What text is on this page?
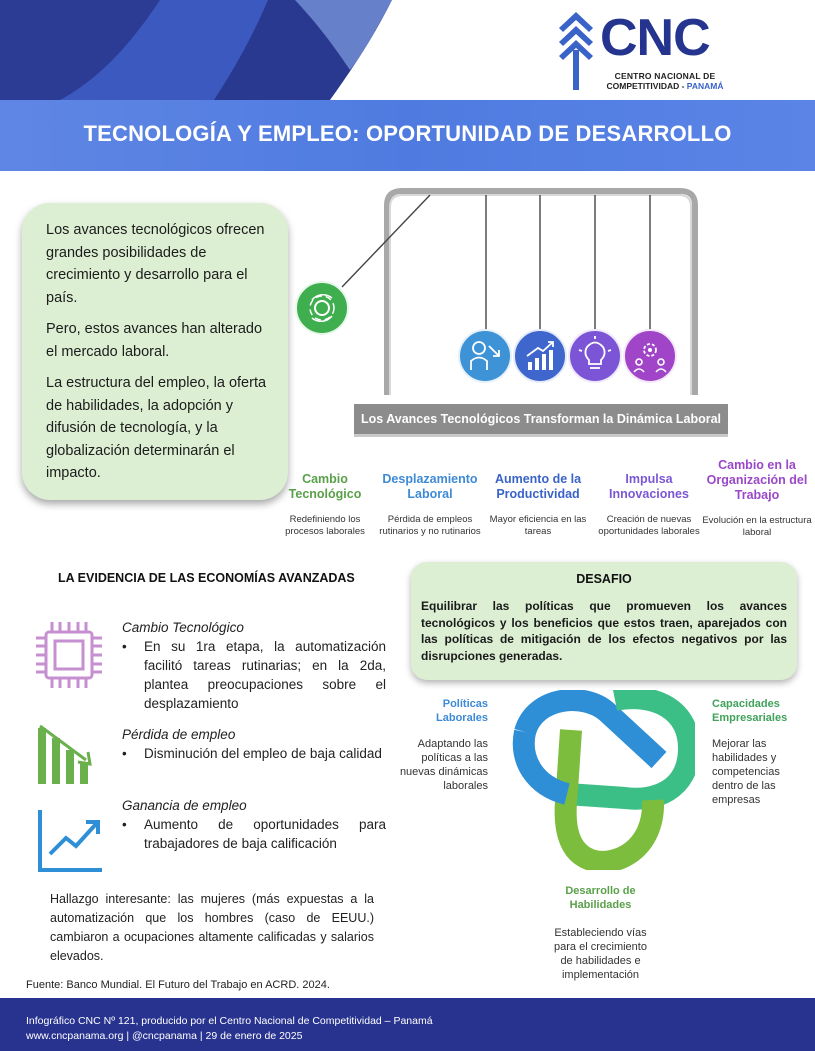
CNC
CENTRO NACIONAL DE
COMPETITIVIDAD - PANAMÁ
TECNOLOGÍA Y EMPLEO: OPORTUNIDAD DE DESARROLLO

Los avances tecnológicos ofrecen grandes posibilidades de crecimiento y desarrollo para el país.

Pero, estos avances han alterado el mercado laboral.

La estructura del empleo, la oferta de habilidades, la adopción y difusión de tecnología, y la globalización determinarán el impacto.

Los Avances Tecnológicos Transforman la Dinámica Laboral
Cambio Tecnológico

Redefiniendo los procesos laborales

Desplazamiento Laboral

Pérdida de empleos rutinarios y no rutinarios

Aumento de la Productividad

Mayor eficiencia en las tareas

Impulsa Innovaciones

Creación de nuevas oportunidades laborales

Cambio en la Organización del Trabajo

Evolución en la estructura laboral

LA EVIDENCIA DE LAS ECONOMÍAS AVANZADAS
Cambio Tecnológico
• En su 1ra etapa, la automatización facilitó tareas rutinarias; en la 2da, plantea preocupaciones sobre el desplazamiento
Pérdida de empleo
• Disminución del empleo de baja calidad
Ganancia de empleo
• Aumento de oportunidades para trabajadores de baja calificación
Hallazgo interesante: las mujeres (más expuestas a la automatización que los hombres (caso de EEUU.) cambiaron a ocupaciones altamente calificadas y salarios elevados.
Fuente: Banco Mundial. El Futuro del Trabajo en ACRD. 2024.
DESAFIO

Equilibrar las políticas que promueven los avances tecnológicos y los beneficios que estos traen, aparejados con las políticas de mitigación de los efectos negativos por las disrupciones generadas.

Políticas Laborales

Adaptando las políticas a las nuevas dinámicas laborales

Capacidades Empresariales

Mejorar las habilidades y competencias dentro de las empresas

Desarrollo de Habilidades

Estableciendo vías para el crecimiento de habilidades e implementación

Infográfico CNC Nº 121, producido por el Centro Nacional de Competitividad – Panamá

www.cncpanama.org | @cncpanama | 29 de enero de 2025
